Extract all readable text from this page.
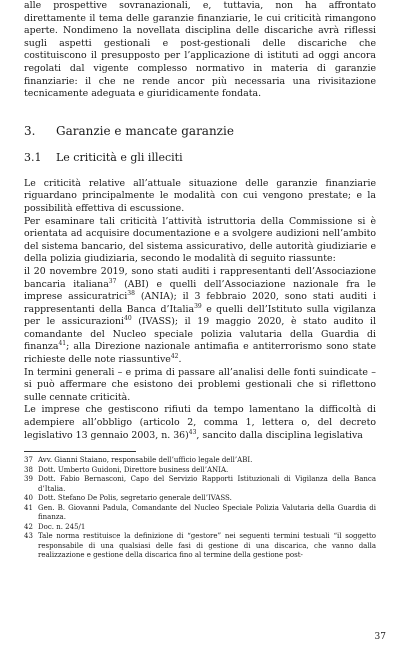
alle prospettive sovranazionali, e, tuttavia, non ha affrontato direttamente il tema delle garanzie finanziarie, le cui criticità rimangono aperte. Nondimeno la novellata disciplina delle discariche avrà riflessi sugli aspetti gestionali e post-gestionali delle discariche che costituiscono il presupposto per l’applicazione di istituti ad oggi ancora regolati dal vigente complesso normativo in materia di garanzie finanziarie: il che ne rende ancor più necessaria una rivisitazione tecnicamente adeguata e giuridicamente fondata.

3.	Garanzie e mancate garanzie
3.1	Le criticità e gli illeciti

Le criticità relative all’attuale situazione delle garanzie finanziarie riguardano principalmente le modalità con cui vengono prestate; e la possibilità effettiva di escussione.

Per esaminare tali criticità l’attività istruttoria della Commissione si è orientata ad acquisire documentazione e a svolgere audizioni nell’ambito del sistema bancario, del sistema assicurativo, delle autorità giudiziarie e della polizia giudiziaria, secondo le modalità di seguito riassunte:

il 20 novembre 2019, sono stati auditi i rappresentanti dell’Associazione bancaria italiana$^{37}$ (ABI) e quelli dell’Associazione nazionale fra le imprese assicuratrici$^{38}$ (ANIA); il 3 febbraio 2020, sono stati auditi i rappresentanti della Banca d’Italia$^{39}$ e quelli dell’Istituto sulla vigilanza per le assicurazioni$^{40}$ (IVASS); il 19 maggio 2020, è stato audito il comandante del Nucleo speciale polizia valutaria della Guardia di finanza$^{41}$; alla Direzione nazionale antimafia e antiterrorismo sono state richieste delle note riassuntive$^{42}$.

In termini generali – e prima di passare all’analisi delle fonti suindicate – si può affermare che esistono dei problemi gestionali che si riflettono sulle cennate criticità.

Le imprese che gestiscono rifiuti da tempo lamentano la difficoltà di adempiere all’obbligo (articolo 2, comma 1, lettera o, del decreto legislativo 13 gennaio 2003, n. 36)$^{43}$, sancito dalla disciplina legislativa

37 Avv. Gianni Staiano, responsabile dell’ufficio legale dell’ABI.
38 Dott. Umberto Guidoni, Direttore business dell’ANIA.
39 Dott. Fabio Bernasconi, Capo del Servizio Rapporti Istituzionali di Vigilanza della Banca d’Italia.
40 Dott. Stefano De Polis, segretario generale dell’IVASS.
41 Gen. B. Giovanni Padula, Comandante del Nucleo Speciale Polizia Valutaria della Guardia di finanza.
42 Doc. n. 245/1
43 Tale norma restituisce la definizione di “gestore” nei seguenti termini testuali “il soggetto responsabile di una qualsiasi delle fasi di gestione di una discarica, che vanno dalla realizzazione e gestione della discarica fino al termine della gestione post-
37
